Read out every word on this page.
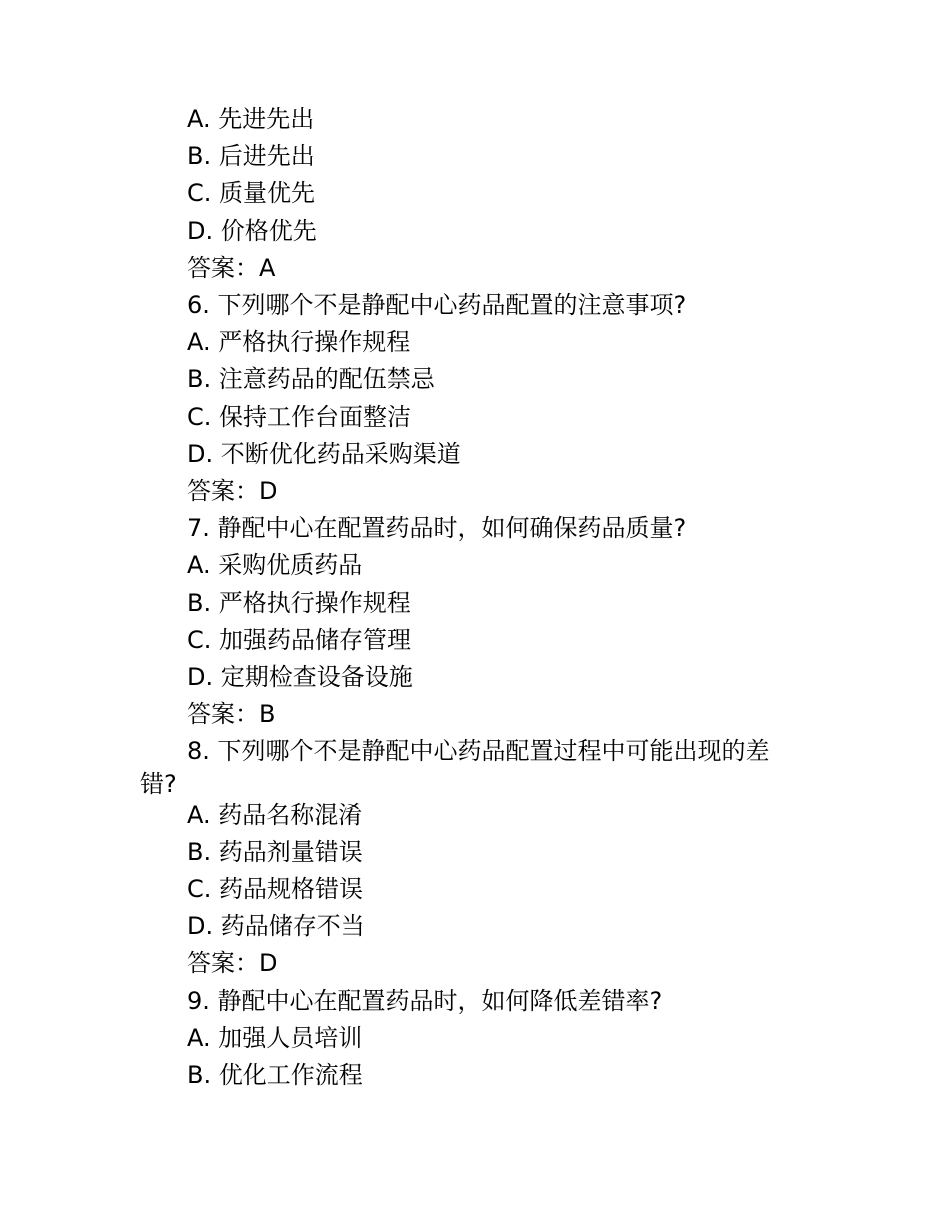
A. 先进先出
B. 后进先出
C. 质量优先
D. 价格优先
答案：A
6. 下列哪个不是静配中心药品配置的注意事项?
A. 严格执行操作规程
B. 注意药品的配伍禁忌
C. 保持工作台面整洁
D. 不断优化药品采购渠道
答案：D
7. 静配中心在配置药品时，如何确保药品质量?
A. 采购优质药品
B. 严格执行操作规程
C. 加强药品储存管理
D. 定期检查设备设施
答案：B
8. 下列哪个不是静配中心药品配置过程中可能出现的差
错?
A. 药品名称混淆
B. 药品剂量错误
C. 药品规格错误
D. 药品储存不当
答案：D
9. 静配中心在配置药品时，如何降低差错率?
A. 加强人员培训
B. 优化工作流程
